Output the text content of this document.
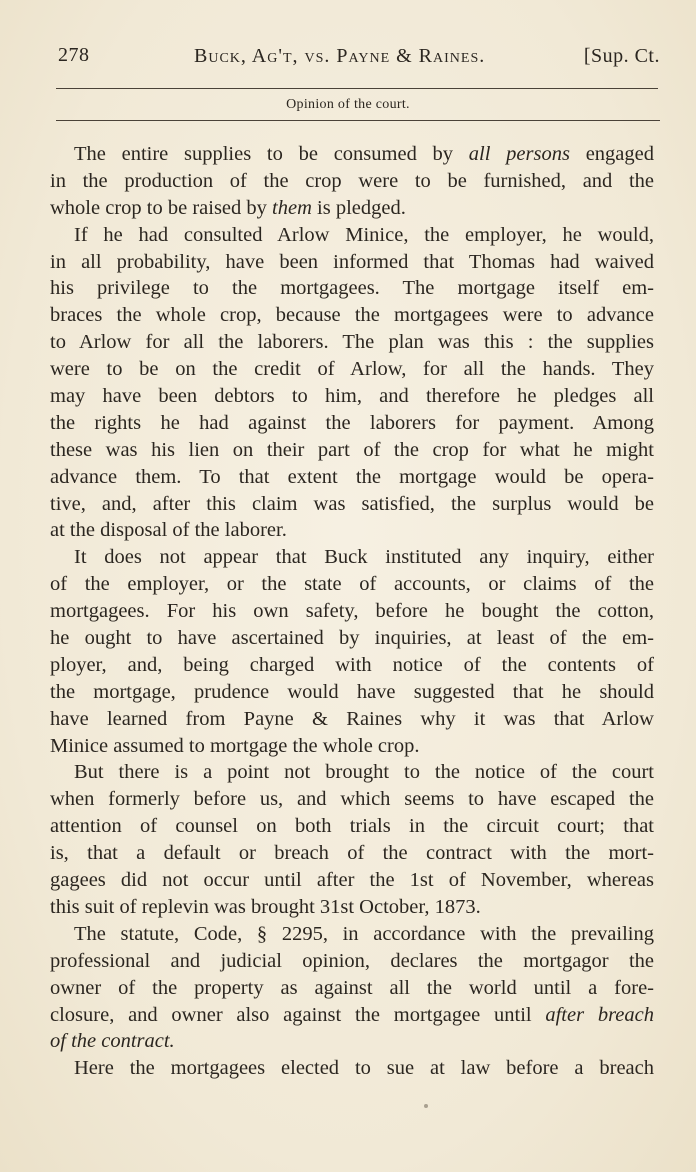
278	Buck, Ag't, vs. Payne & Raines.	[Sup. Ct.
Opinion of the court.
The entire supplies to be consumed by all persons engaged
in the production of the crop were to be furnished, and the
whole crop to be raised by them is pledged.
If he had consulted Arlow Minice, the employer, he would,
in all probability, have been informed that Thomas had waived
his privilege to the mortgagees. The mortgage itself em-
braces the whole crop, because the mortgagees were to advance
to Arlow for all the laborers. The plan was this : the supplies
were to be on the credit of Arlow, for all the hands. They
may have been debtors to him, and therefore he pledges all
the rights he had against the laborers for payment. Among
these was his lien on their part of the crop for what he might
advance them. To that extent the mortgage would be opera-
tive, and, after this claim was satisfied, the surplus would be
at the disposal of the laborer.
It does not appear that Buck instituted any inquiry, either
of the employer, or the state of accounts, or claims of the
mortgagees. For his own safety, before he bought the cotton,
he ought to have ascertained by inquiries, at least of the em-
ployer, and, being charged with notice of the contents of
the mortgage, prudence would have suggested that he should
have learned from Payne & Raines why it was that Arlow
Minice assumed to mortgage the whole crop.
But there is a point not brought to the notice of the court
when formerly before us, and which seems to have escaped the
attention of counsel on both trials in the circuit court; that
is, that a default or breach of the contract with the mort-
gagees did not occur until after the 1st of November, whereas
this suit of replevin was brought 31st October, 1873.
The statute, Code, § 2295, in accordance with the prevailing
professional and judicial opinion, declares the mortgagor the
owner of the property as against all the world until a fore-
closure, and owner also against the mortgagee until after breach
of the contract.
Here the mortgagees elected to sue at law before a breach
